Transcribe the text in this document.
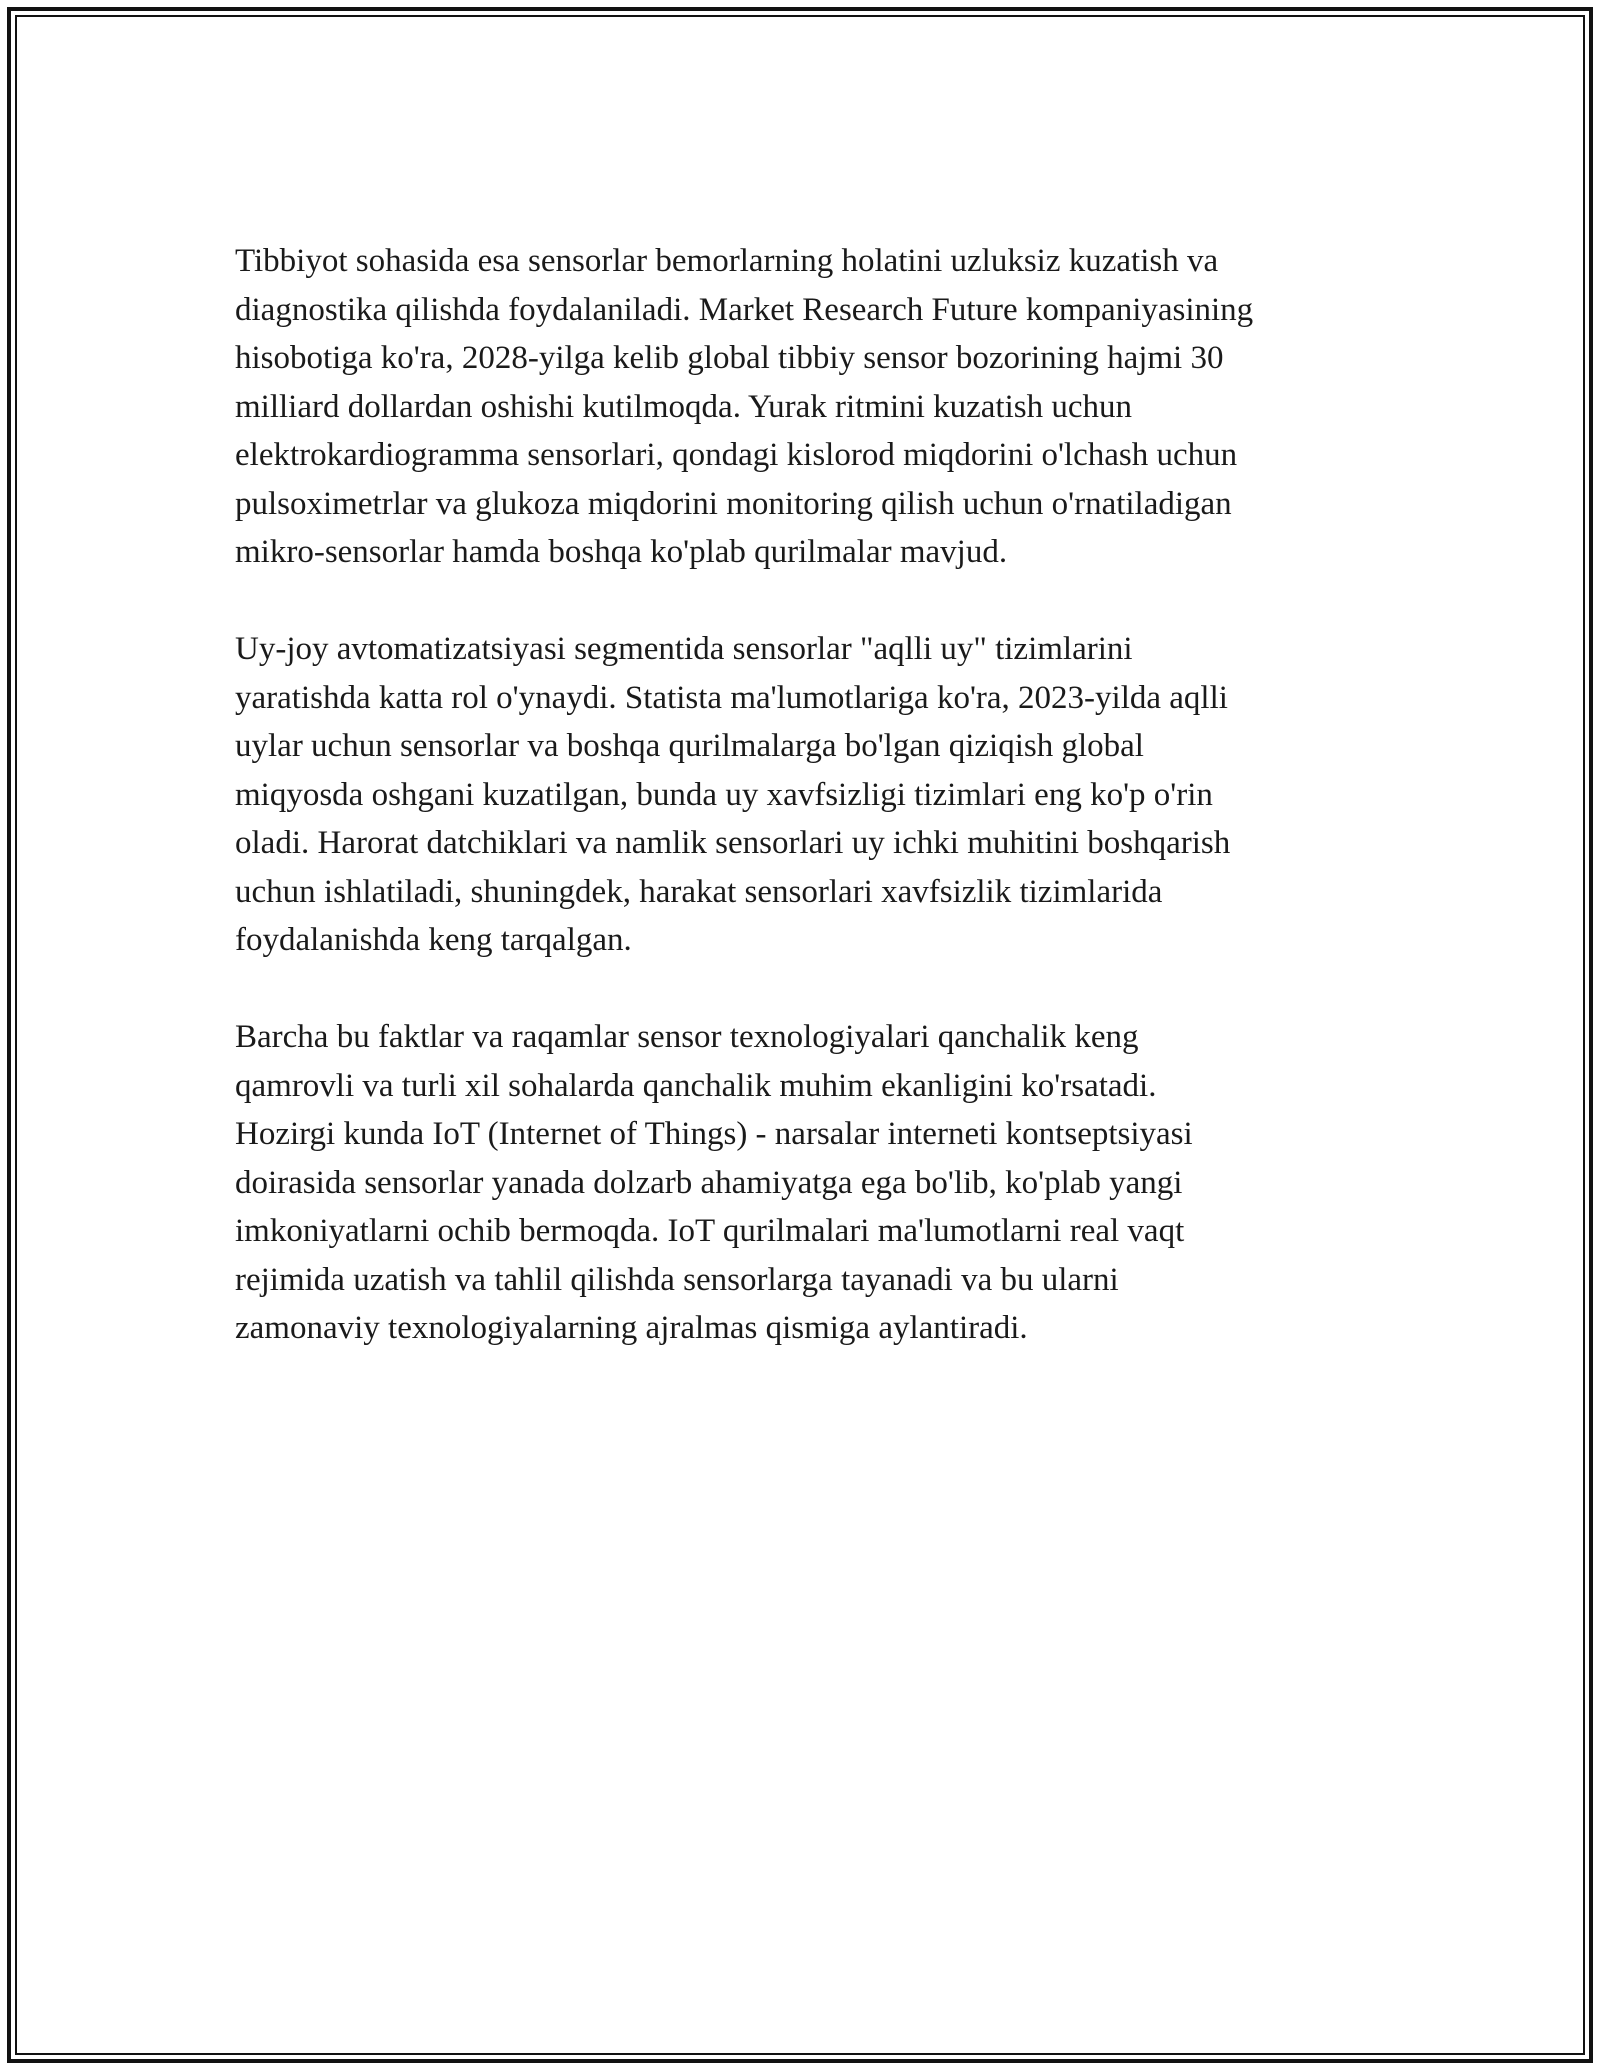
Tibbiyot sohasida esa sensorlar bemorlarning holatini uzluksiz kuzatish va
diagnostika qilishda foydalaniladi. Market Research Future kompaniyasining
hisobotiga ko'ra, 2028-yilga kelib global tibbiy sensor bozorining hajmi 30
milliard dollardan oshishi kutilmoqda. Yurak ritmini kuzatish uchun
elektrokardiogramma sensorlari, qondagi kislorod miqdorini o'lchash uchun
pulsoximetrlar va glukoza miqdorini monitoring qilish uchun o'rnatiladigan
mikro-sensorlar hamda boshqa ko'plab qurilmalar mavjud.

Uy-joy avtomatizatsiyasi segmentida sensorlar "aqlli uy" tizimlarini
yaratishda katta rol o'ynaydi. Statista ma'lumotlariga ko'ra, 2023-yilda aqlli
uylar uchun sensorlar va boshqa qurilmalarga bo'lgan qiziqish global
miqyosda oshgani kuzatilgan, bunda uy xavfsizligi tizimlari eng ko'p o'rin
oladi. Harorat datchiklari va namlik sensorlari uy ichki muhitini boshqarish
uchun ishlatiladi, shuningdek, harakat sensorlari xavfsizlik tizimlarida
foydalanishda keng tarqalgan.

Barcha bu faktlar va raqamlar sensor texnologiyalari qanchalik keng
qamrovli va turli xil sohalarda qanchalik muhim ekanligini ko'rsatadi.
Hozirgi kunda IoT (Internet of Things) - narsalar interneti kontseptsiyasi
doirasida sensorlar yanada dolzarb ahamiyatga ega bo'lib, ko'plab yangi
imkoniyatlarni ochib bermoqda. IoT qurilmalari ma'lumotlarni real vaqt
rejimida uzatish va tahlil qilishda sensorlarga tayanadi va bu ularni
zamonaviy texnologiyalarning ajralmas qismiga aylantiradi.
